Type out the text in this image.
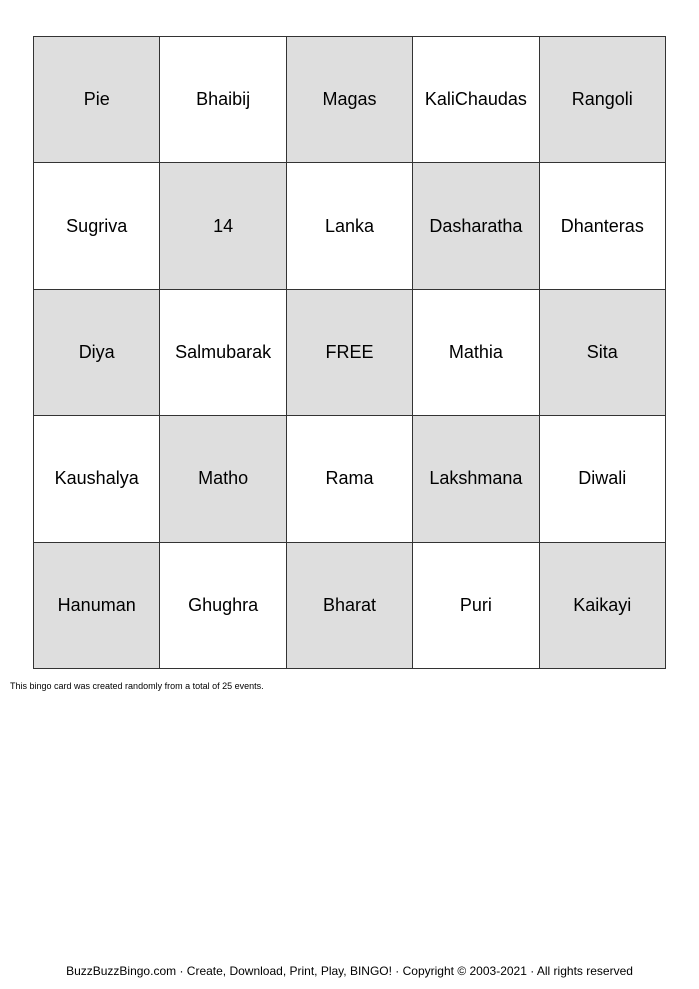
Pie	Bhaibij	Magas	KaliChaudas	Rangoli
Sugriva	14	Lanka	Dasharatha	Dhanteras
Diya	Salmubarak	FREE	Mathia	Sita
Kaushalya	Matho	Rama	Lakshmana	Diwali
Hanuman	Ghughra	Bharat	Puri	Kaikayi
This bingo card was created randomly from a total of 25 events.
BuzzBuzzBingo.com · Create, Download, Print, Play, BINGO! · Copyright © 2003-2021 · All rights reserved
